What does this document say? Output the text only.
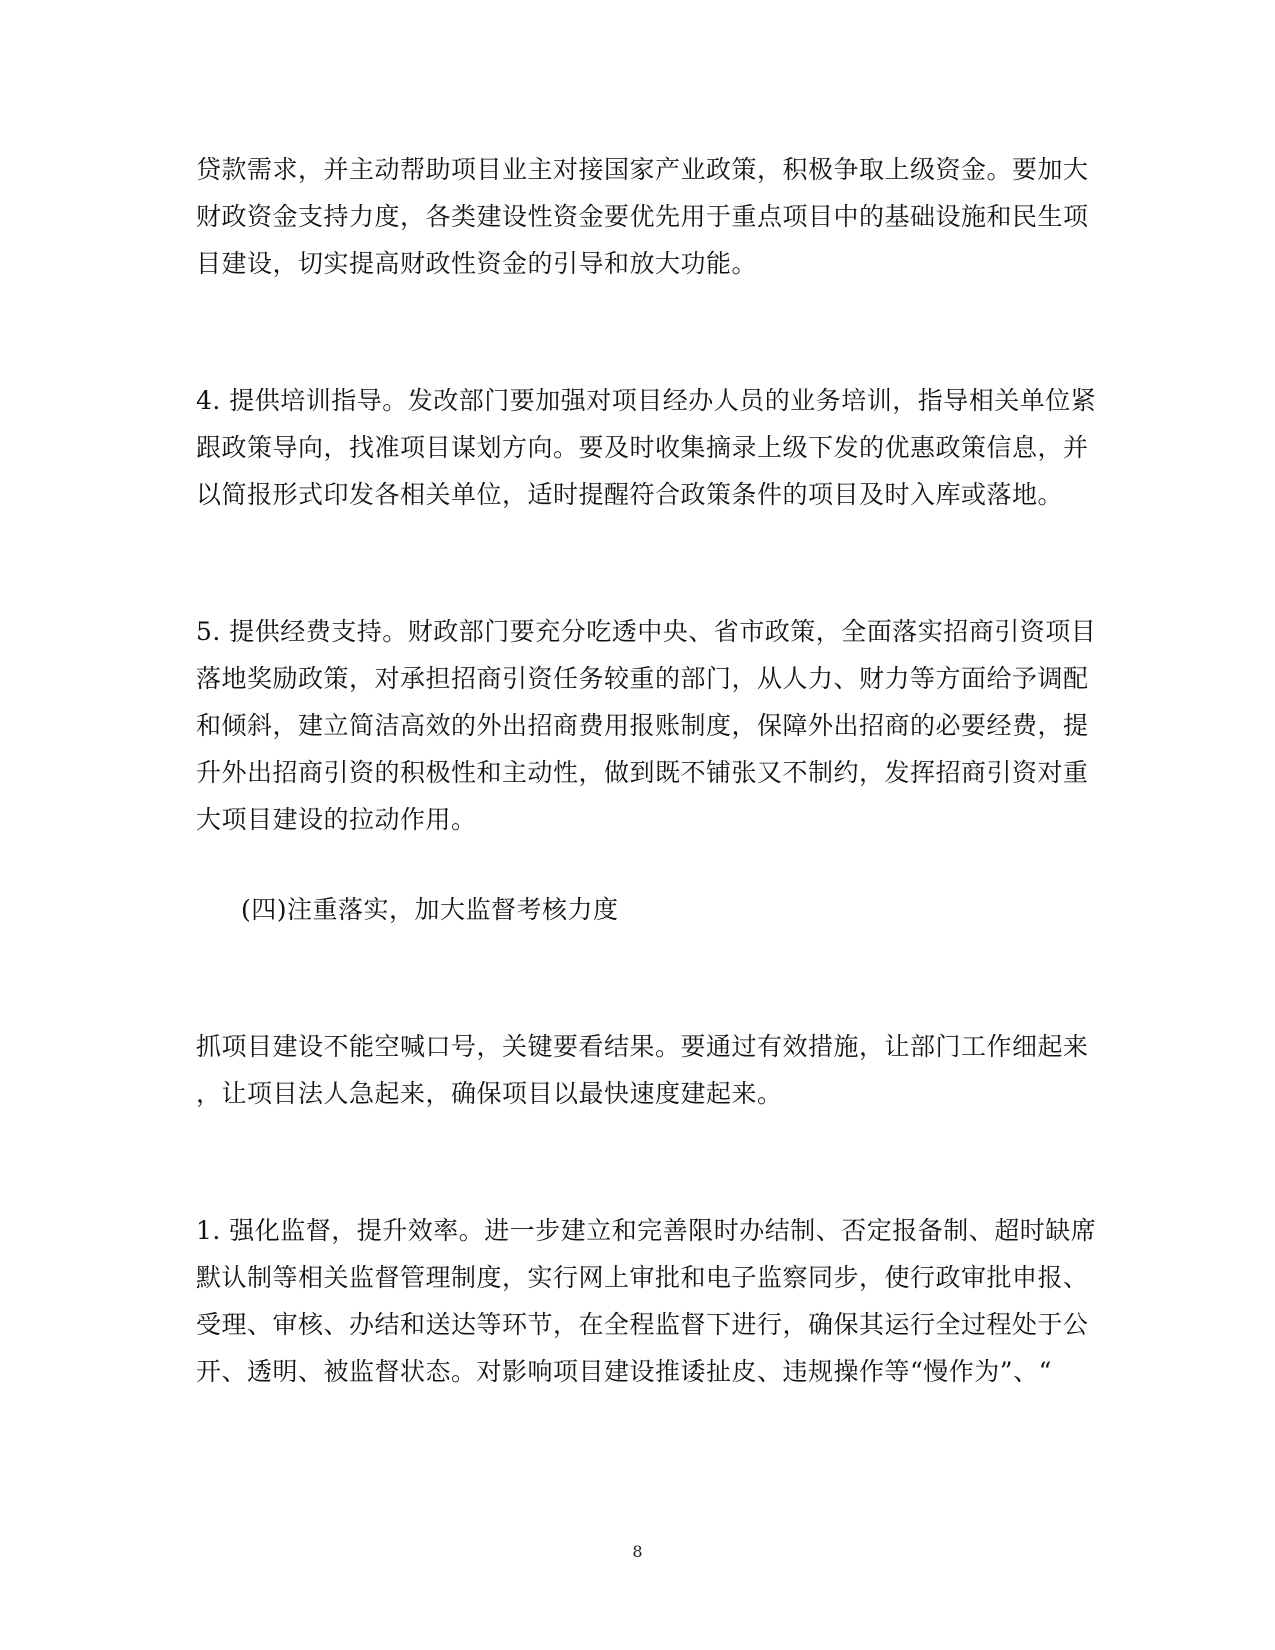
贷款需求，并主动帮助项目业主对接国家产业政策，积极争取上级资金。要加大
财政资金支持力度，各类建设性资金要优先用于重点项目中的基础设施和民生项
目建设，切实提高财政性资金的引导和放大功能。
4. 提供培训指导。发改部门要加强对项目经办人员的业务培训，指导相关单位紧
跟政策导向，找准项目谋划方向。要及时收集摘录上级下发的优惠政策信息，并
以简报形式印发各相关单位，适时提醒符合政策条件的项目及时入库或落地。
5. 提供经费支持。财政部门要充分吃透中央、省市政策，全面落实招商引资项目
落地奖励政策，对承担招商引资任务较重的部门，从人力、财力等方面给予调配
和倾斜，建立简洁高效的外出招商费用报账制度，保障外出招商的必要经费，提
升外出招商引资的积极性和主动性，做到既不铺张又不制约，发挥招商引资对重
大项目建设的拉动作用。
(四)注重落实，加大监督考核力度
抓项目建设不能空喊口号，关键要看结果。要通过有效措施，让部门工作细起来
，让项目法人急起来，确保项目以最快速度建起来。
1. 强化监督，提升效率。进一步建立和完善限时办结制、否定报备制、超时缺席
默认制等相关监督管理制度，实行网上审批和电子监察同步，使行政审批申报、
受理、审核、办结和送达等环节，在全程监督下进行，确保其运行全过程处于公
开、透明、被监督状态。对影响项目建设推诿扯皮、违规操作等“慢作为”、“
8
